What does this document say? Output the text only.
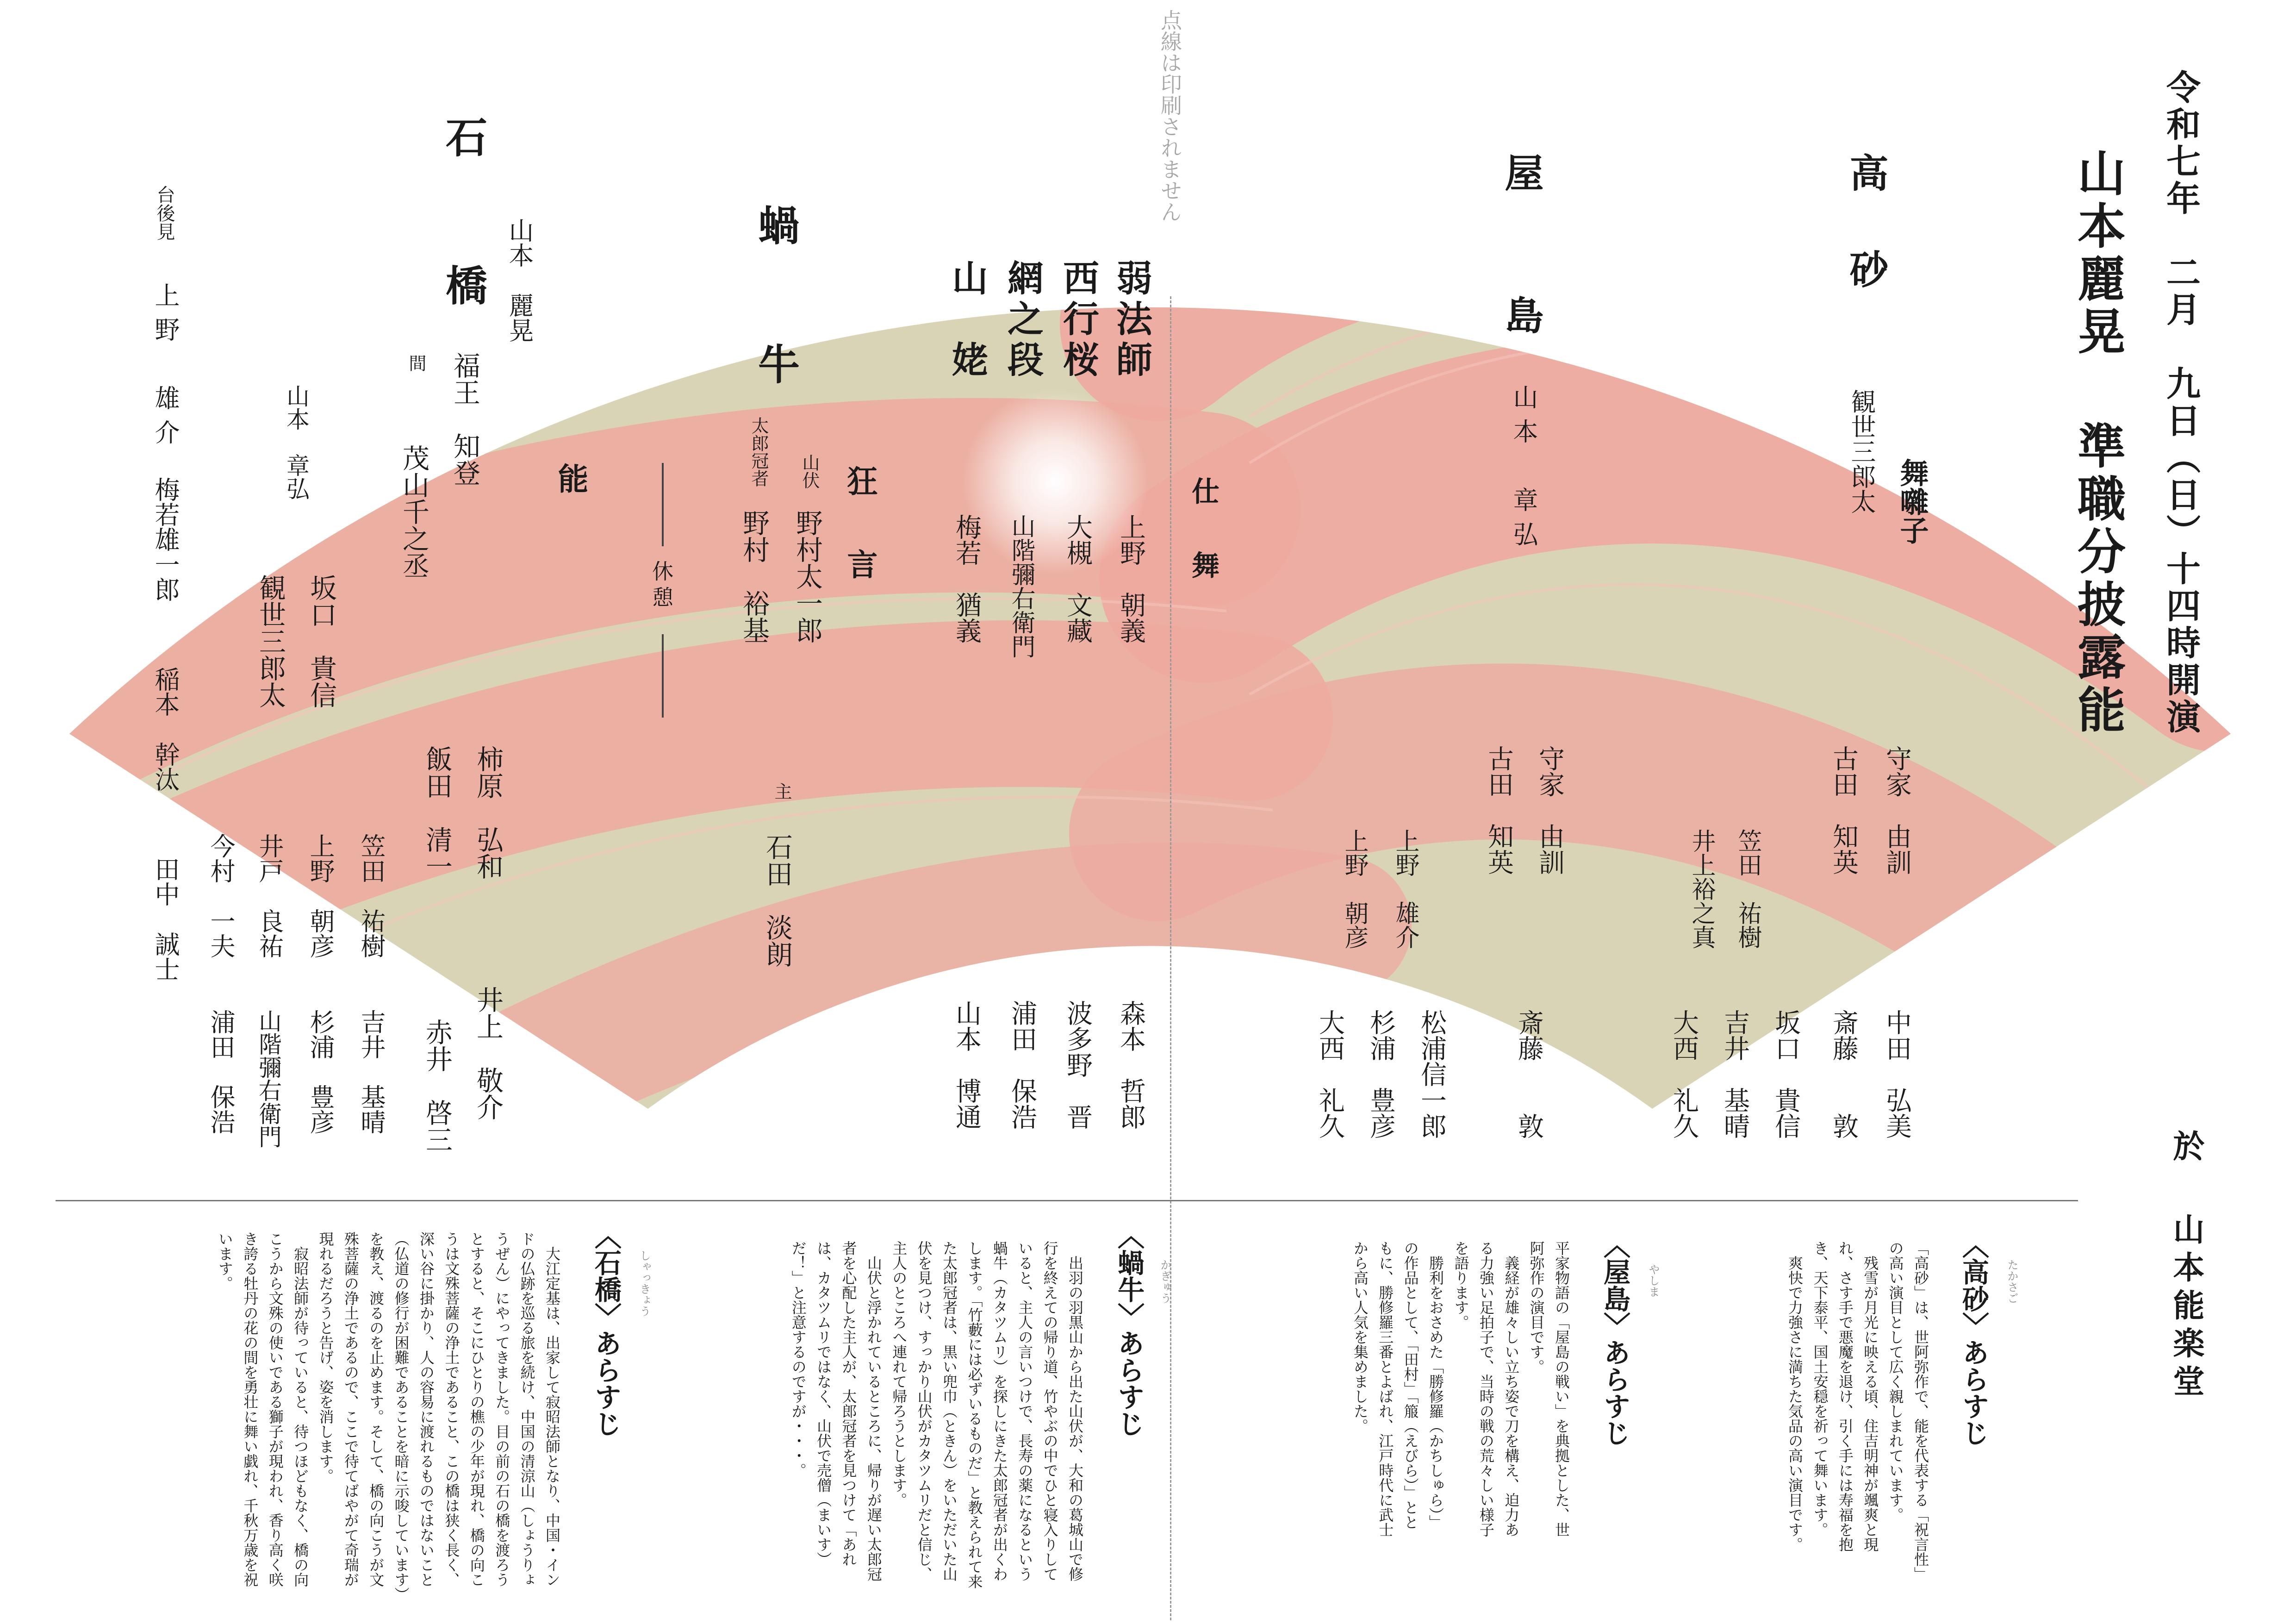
点線は印刷されません	令和七年　二月　九日（日）十四時開演
山本麗晃 準職分披露能
於
山本能楽堂
高　砂
観世三郎太 舞囃子
守家　由訓
古田　知英
笠田　祐樹
井上裕之真
中田　弘美
斎藤　　敦
坂口　貴信
吉井　基晴
大西　礼久
屋　島
山本　章弘
守家　由訓
古田　知英
上野　雄介
上野　朝彦
斎藤　　敦
松浦信一郎
杉浦　豊彦
大西　礼久
仕　舞
弱法師
西行桜
網之段
山　姥
上野　朝義
大槻　文藏
山階彌右衛門
梅若　猶義
森本　哲郎
波多野　晋
浦田　保浩
山本　博通
狂　言
蝸　牛
山伏
野村太一郎
太郎冠者
野村　裕基
主
石田　淡朗
休憩
能
石　橋 山本　麗晃
間 福王　知登
茂山千之丞
山本　章弘
坂口　貴信
観世三郎太
柿原　弘和
飯田　清一
笠田　祐樹
上野　朝彦
井戸　良祐
今村　一夫
井上　敬介
赤井　啓三
吉井　基晴
杉浦　豊彦
山階彌右衛門
浦田　保浩
台後見
上野　雄介
梅若雄一郎
稲本　幹汰
田中　誠士
たかさご
〈高砂〉あらすじ
「高砂」は、世阿弥作で、能を代表する「祝言性」の高い演目として広く親しまれています。
　残雪が月光に映える頃、住吉明神が颯爽と現れ、さす手で悪魔を退け、引く手には寿福を抱き、天下泰平、国土安穏を祈って舞います。
　爽快で力強さに満ちた気品の高い演目です。
やしま
〈屋島〉あらすじ
平家物語の「屋島の戦い」を典拠とした、世阿弥作の演目です。
　義経が雄々しい立ち姿で刀を構え、迫力ある力強い足拍子で、当時の戦の荒々しい様子を語ります。
　勝利をおさめた「勝修羅（かちしゅら）」の作品として、「田村」「箙（えびら）」とともに、勝修羅三番とよばれ、江戸時代に武士から高い人気を集めました。
かぎゅう
〈蝸牛〉あらすじ
　出羽の羽黒山から出た山伏が、大和の葛城山で修行を終えての帰り道、竹やぶの中でひと寝入りしていると、主人の言いつけで、長寿の薬になるという蝸牛（カタツムリ）を探しにきた太郎冠者が出くわします。「竹藪には必ずいるものだ」と教えられて来た太郎冠者は、黒い兜巾（ときん）をいただいた山伏を見つけ、すっかり山伏がカタツムリだと信じ、主人のところへ連れて帰ろうとします。
　山伏と浮かれているところに、帰りが遅い太郎冠者を心配した主人が、太郎冠者を見つけて「あれは、カタツムリではなく、山伏で売僧（まいす）だ！」と注意するのですが・・・。
しゃっきょう
〈石橋〉あらすじ
　大江定基は、出家して寂昭法師となり、中国・インドの仏跡を巡る旅を続け、中国の清涼山（しょうりょうぜん）にやってきました。目の前の石の橋を渡ろうとすると、そこにひとりの樵の少年が現れ、橋の向こうは文殊菩薩の浄土であること、この橋は狭く長く、深い谷に掛かり、人の容易に渡れるものではないこと（仏道の修行が困難であることを暗に示唆しています）を教え、渡るのを止めます。そして、橋の向こうが文殊菩薩の浄土であるので、ここで待てばやがて奇瑞が現れるだろうと告げ、姿を消します。
　寂昭法師が待っていると、待つほどもなく、橋の向こうから文殊の使いである獅子が現われ、香り高く咲き誇る牡丹の花の間を勇壮に舞い戯れ、千秋万歳を祝います。
